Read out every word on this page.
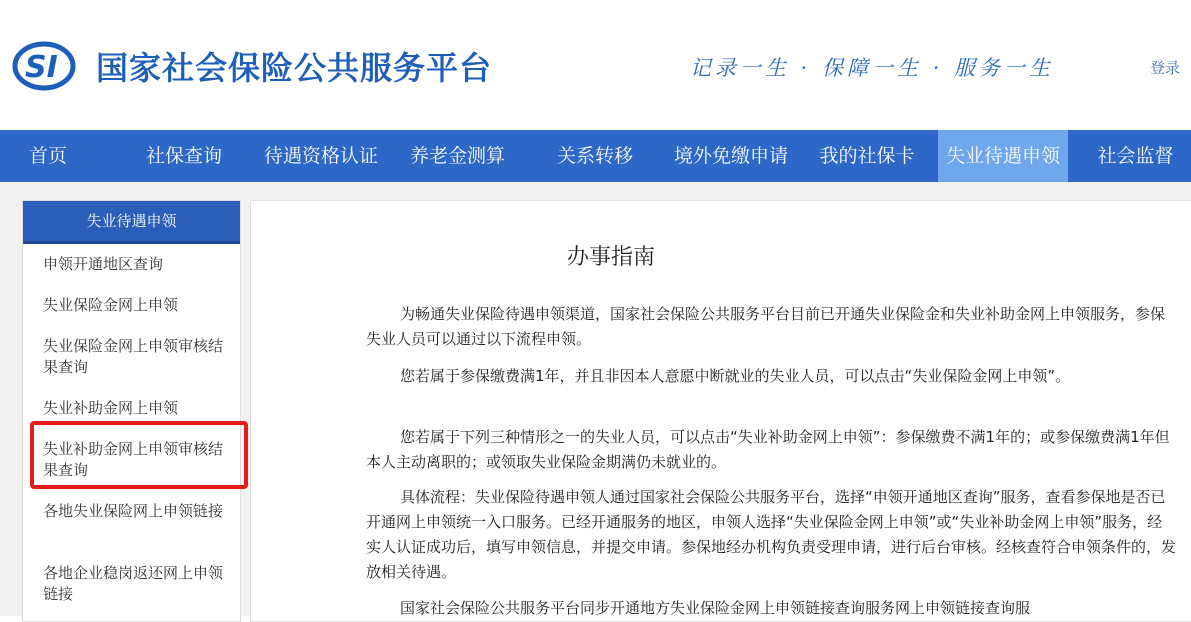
SI 国家社会保险公共服务平台	记录一生 · 保障一生 · 服务一生	登录
首页	社保查询	待遇资格认证	养老金测算	关系转移	境外免缴申请	我的社保卡	失业待遇申领	社会监督
失业待遇申领
申领开通地区查询
失业保险金网上申领
失业保险金网上申领审核结果查询
失业补助金网上申领
失业补助金网上申领审核结果查询
各地失业保险网上申领链接
各地企业稳岗返还网上申领链接
办事指南
为畅通失业保险待遇申领渠道，国家社会保险公共服务平台目前已开通失业保险金和失业补助金网上申领服务，参保失业人员可以通过以下流程申领。
您若属于参保缴费满1年，并且非因本人意愿中断就业的失业人员，可以点击“失业保险金网上申领”。
您若属于下列三种情形之一的失业人员，可以点击“失业补助金网上申领”：参保缴费不满1年的；或参保缴费满1年但本人主动离职的；或领取失业保险金期满仍未就业的。
具体流程：失业保险待遇申领人通过国家社会保险公共服务平台，选择“申领开通地区查询”服务，查看参保地是否已开通网上申领统一入口服务。已经开通服务的地区，申领人选择“失业保险金网上申领”或“失业补助金网上申领”服务，经实人认证成功后，填写申领信息，并提交申请。参保地经办机构负责受理申请，进行后台审核。经核查符合申领条件的，发放相关待遇。
国家社会保险公共服务平台同步开通地方失业保险金网上申领链接查询服务网上申领链接查询服
